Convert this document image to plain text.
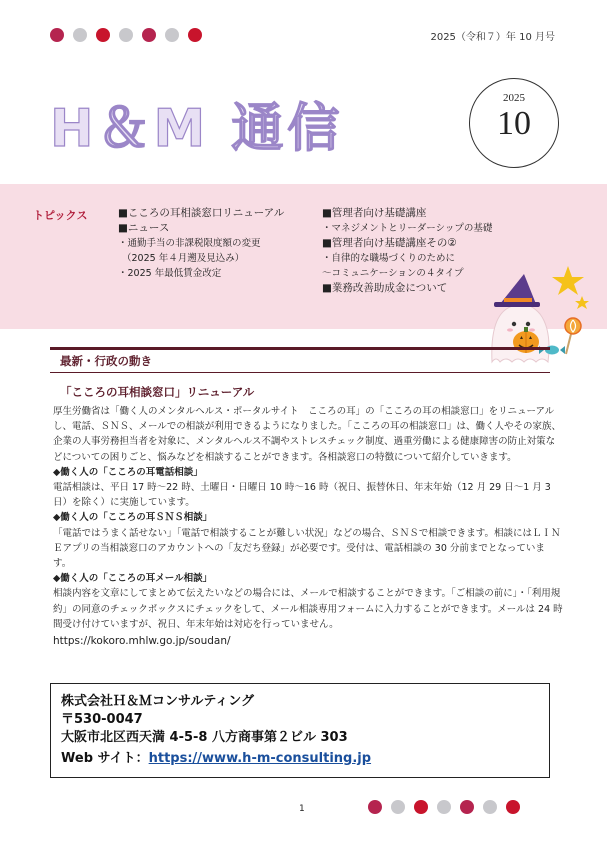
2025（令和７）年 10 月号
H＆M 通信
2025
10
トピックス	■こころの耳相談窓口リニューアル
■ニュース
・通勤手当の非課税限度額の変更
（2025 年４月遡及見込み）
・2025 年最低賃金改定
■管理者向け基礎講座
・マネジメントとリーダーシップの基礎
■管理者向け基礎講座その②
・自律的な職場づくりのために
～コミュニケーションの４タイプ
■業務改善助成金について
最新・行政の動き
「こころの耳相談窓口」リニューアル

厚生労働省は「働く人のメンタルヘルス・ポータルサイト　こころの耳」の「こころの耳の相談窓口」をリニューアルし、電話、ＳＮＳ、メールでの相談が利用できるようになりました。「こころの耳の相談窓口」は、働く人やその家族、企業の人事労務担当者を対象に、メンタルヘルス不調やストレスチェック制度、過重労働による健康障害の防止対策などについての困りごと、悩みなどを相談することができます。各相談窓口の特徴について紹介していきます。

◆働く人の「こころの耳電話相談」

電話相談は、平日 17 時～22 時、土曜日・日曜日 10 時～16 時（祝日、振替休日、年末年始（12 月 29 日～1 月 3 日）を除く）に実施しています。

◆働く人の「こころの耳ＳＮＳ相談」

「電話ではうまく話せない」「電話で相談することが難しい状況」などの場合、ＳＮＳで相談できます。相談にはＬＩＮＥアプリの当相談窓口のアカウントへの「友だち登録」が必要です。受付は、電話相談の 30 分前までとなっています。

◆働く人の「こころの耳メール相談」

相談内容を文章にしてまとめて伝えたいなどの場合には、メールで相談することができます。「ご相談の前に」・「利用規約」の同意のチェックボックスにチェックをして、メール相談専用フォームに入力することができます。メールは 24 時間受け付けていますが、祝日、年末年始は対応を行っていません。

https://kokoro.mhlw.go.jp/soudan/

株式会社Ｈ＆Ｍコンサルティング
〒530-0047
大阪市北区西天満 4-5-8 八方商事第２ビル 303
Web サイト：https://www.h-m-consulting.jp
1
